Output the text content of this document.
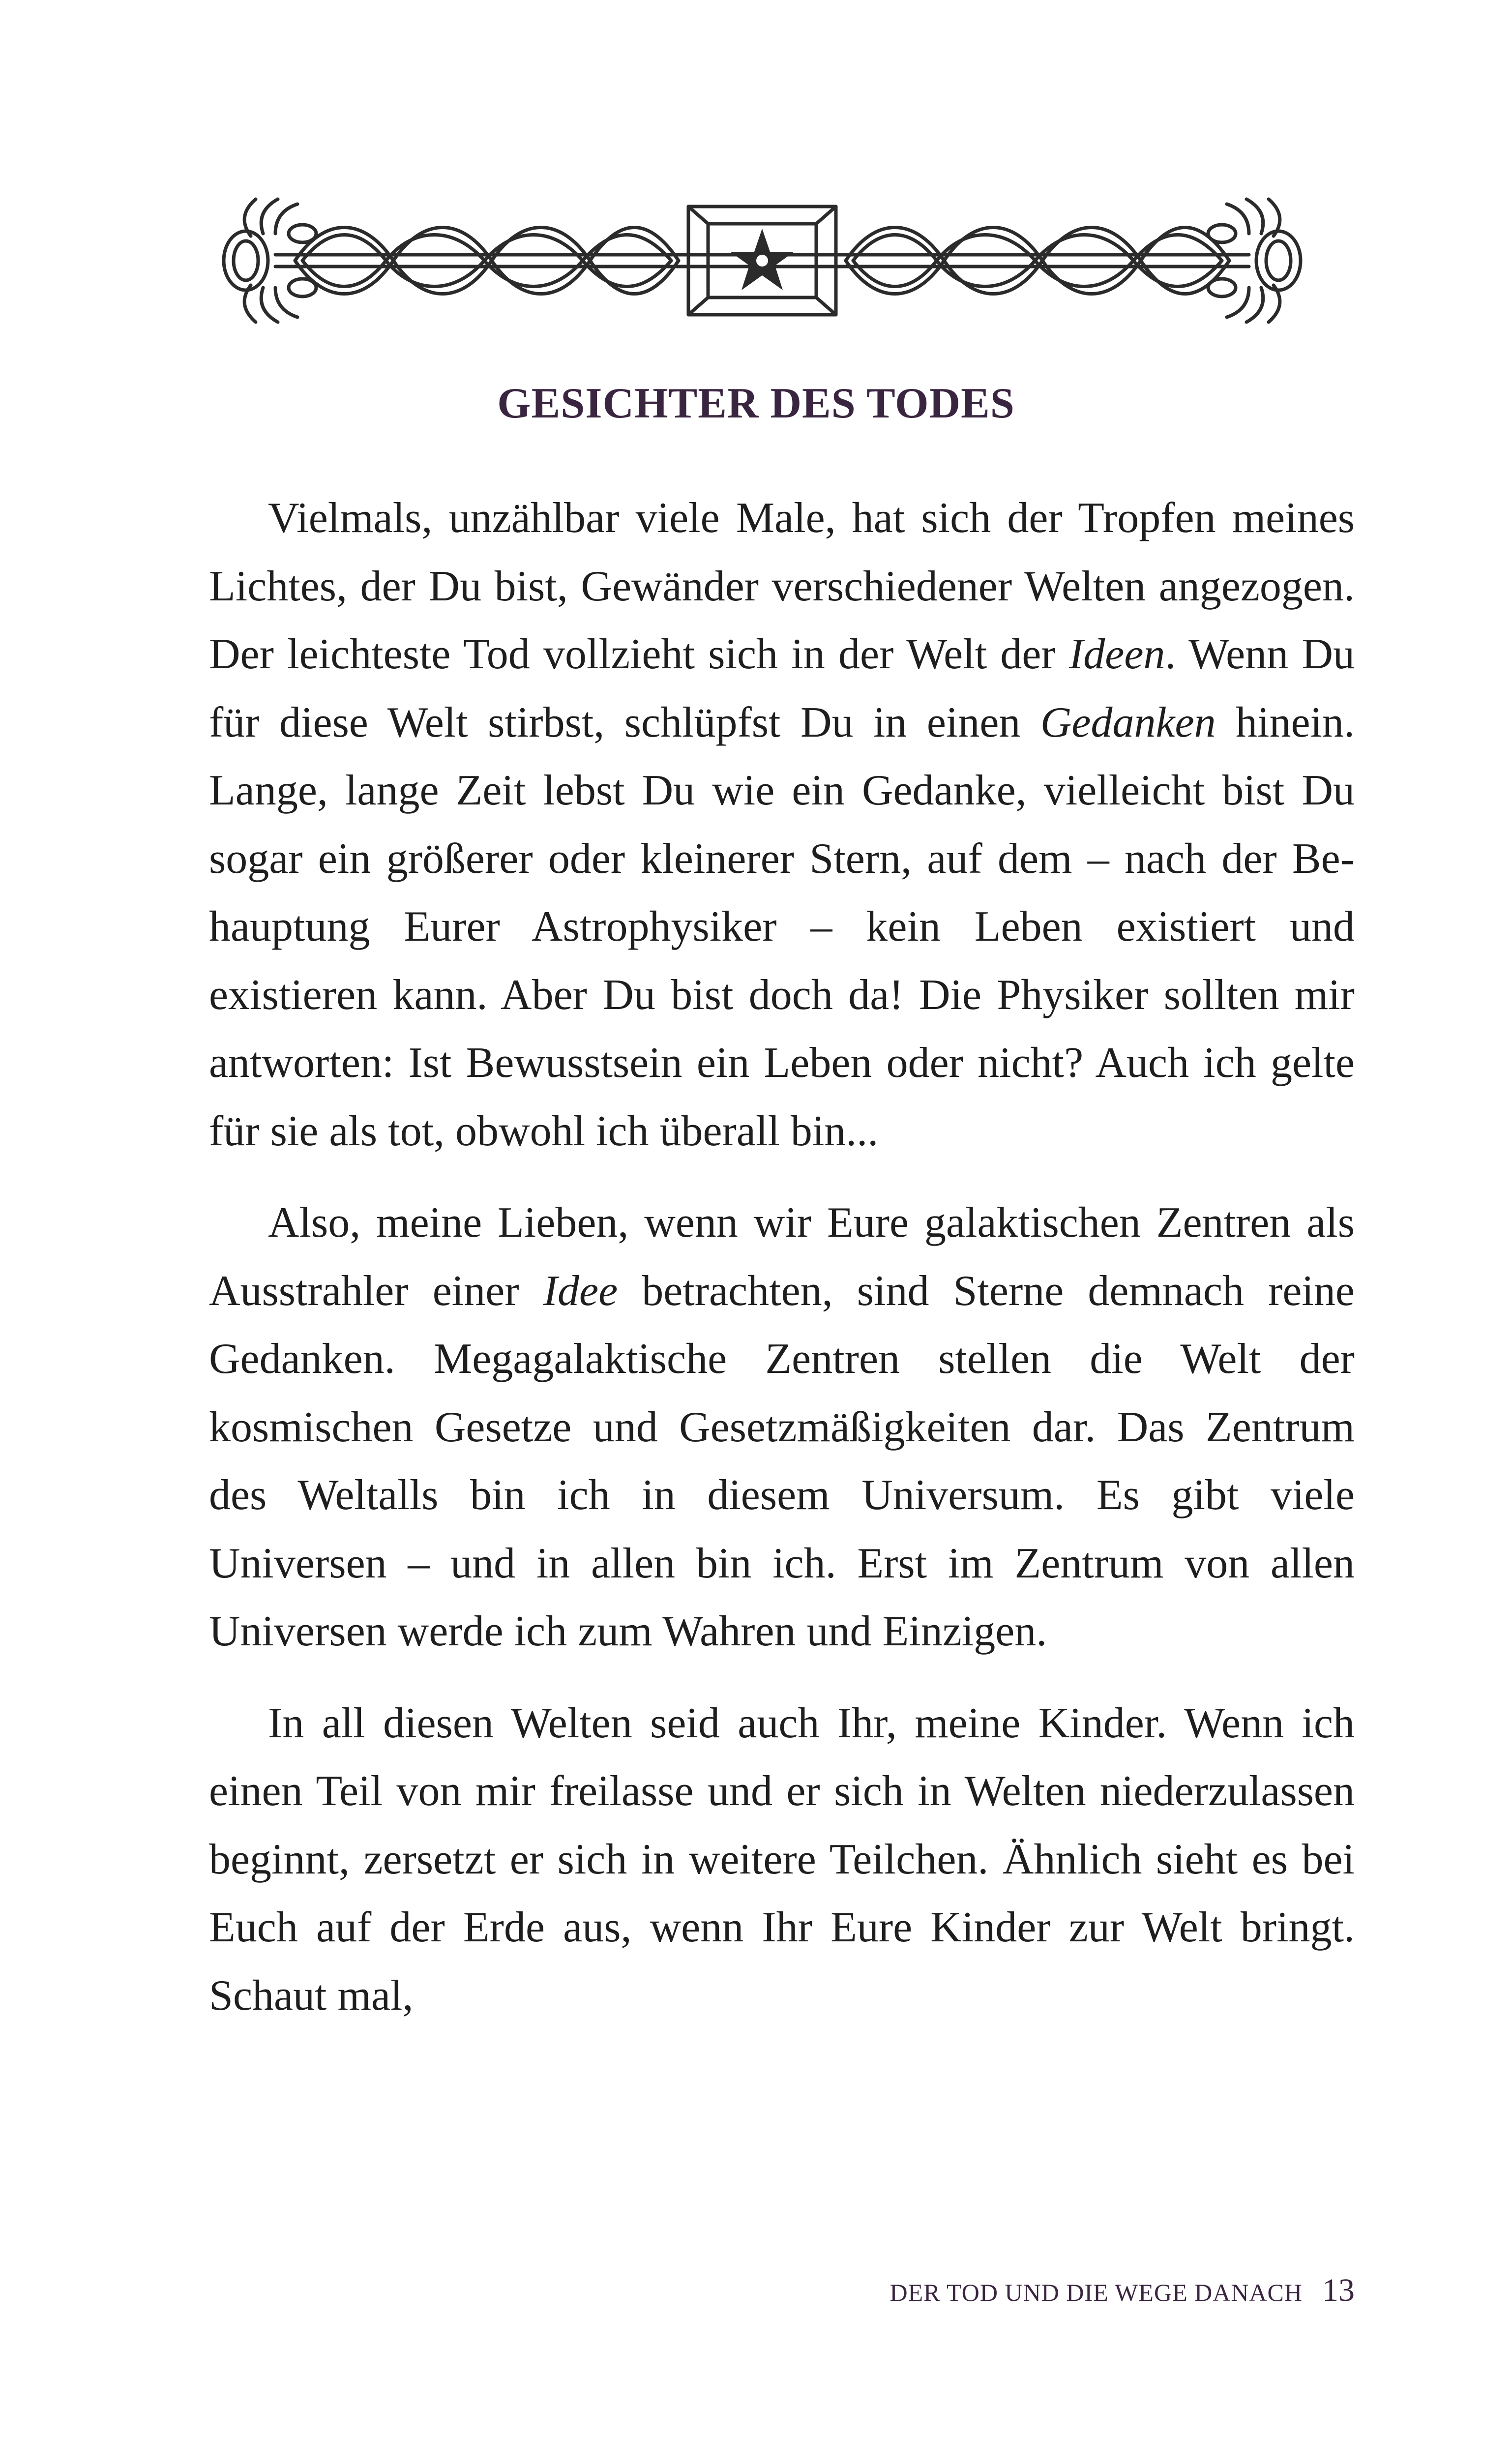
GESICHTER DES TODES

Vielmals, unzählbar viele Male, hat sich der Tropfen meines Lichtes, der Du bist, Gewänder verschiedener Welten angezogen. Der leichteste Tod vollzieht sich in der Welt der Ideen. Wenn Du für diese Welt stirbst, schlüpfst Du in einen Gedanken hinein. Lange, lange Zeit lebst Du wie ein Gedanke, vielleicht bist Du sogar ein größerer oder kleinerer Stern, auf dem – nach der Behauptung Eurer Astrophysiker – kein Leben existiert und existieren kann. Aber Du bist doch da! Die Physiker sollten mir antworten: Ist Bewusstsein ein Leben oder nicht? Auch ich gelte für sie als tot, obwohl ich überall bin...

Also, meine Lieben, wenn wir Eure galaktischen Zentren als Ausstrahler einer Idee betrachten, sind Sterne demnach reine Gedanken. Megagalaktische Zentren stellen die Welt der kosmischen Gesetze und Gesetzmäßigkeiten dar. Das Zentrum des Weltalls bin ich in diesem Universum. Es gibt viele Universen – und in allen bin ich. Erst im Zentrum von allen Universen werde ich zum Wahren und Einzigen.

In all diesen Welten seid auch Ihr, meine Kinder. Wenn ich einen Teil von mir freilasse und er sich in Welten niederzulassen beginnt, zersetzt er sich in weitere Teilchen. Ähnlich sieht es bei Euch auf der Erde aus, wenn Ihr Eure Kinder zur Welt bringt. Schaut mal,

DER TOD UND DIE WEGE DANACH 13
